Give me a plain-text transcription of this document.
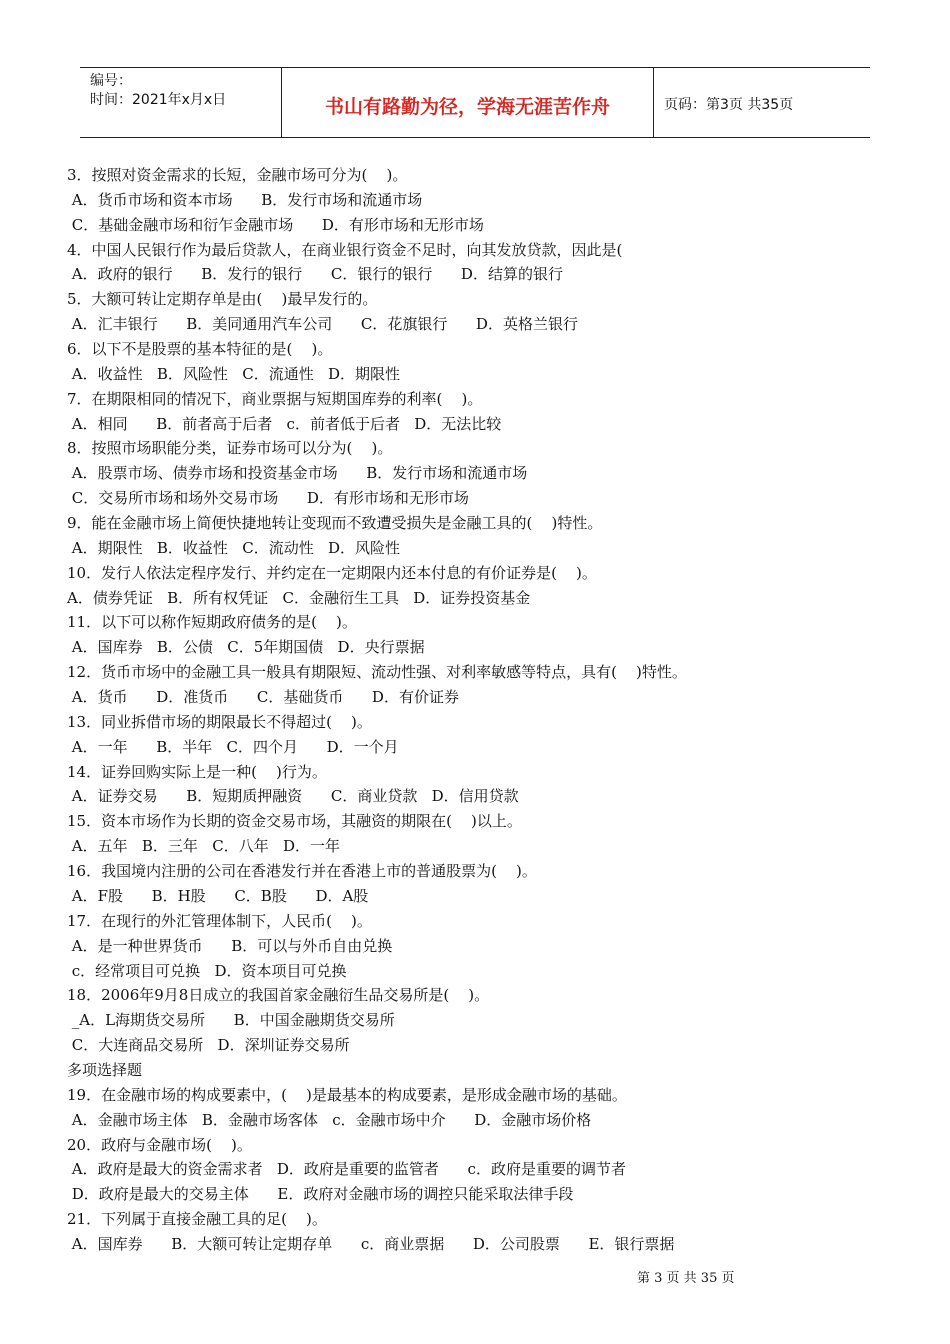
编号：
时间：2021年x月x日	书山有路勤为径，学海无涯苦作舟	页码：第3页 共35页
3．按照对资金需求的长短，金融市场可分为(    )。
A．货币市场和资本市场      B．发行市场和流通市场
C．基础金融市场和衍乍金融市场      D．有形市场和无形市场
4．中国人民银行作为最后贷款人，在商业银行资金不足时，向其发放贷款，因此是(
A．政府的银行      B．发行的银行      C．银行的银行      D．结算的银行
5．大额可转让定期存单是由(    )最早发行的。
A．汇丰银行      B．美同通用汽车公司      C．花旗银行      D．英格兰银行
6．以下不是股票的基本特征的是(    )。
A．收益性   B．风险性   C．流通性   D．期限性
7．在期限相同的情况下，商业票据与短期国库券的利率(    )。
A．相同      B．前者高于后者   c．前者低于后者   D．无法比较
8．按照市场职能分类，证券市场可以分为(    )。
A．股票市场、债券市场和投资基金市场      B．发行市场和流通市场
C．交易所市场和场外交易市场      D．有形市场和无形市场
9．能在金融市场上简便快捷地转让变现而不致遭受损失是金融工具的(    )特性。
A．期限性   B．收益性   C．流动性   D．风险性
10．发行人依法定程序发行、并约定在一定期限内还本付息的有价证券是(    )。
A．债券凭证   B．所有权凭证   C．金融衍生工具   D．证券投资基金
11．以下可以称作短期政府债务的是(    )。
A．国库券   B．公债   C．5年期国债   D．央行票据
12．货币市场中的金融工具一般具有期限短、流动性强、对利率敏感等特点，具有(    )特性。
A．货币      D．准货币      C．基础货币      D．有价证券
13．同业拆借市场的期限最长不得超过(    )。
A．一年      B．半年   C．四个月      D．一个月
14．证券回购实际上是一种(    )行为。
A．证券交易      B．短期质押融资      C．商业贷款   D．信用贷款
15．资本市场作为长期的资金交易市场，其融资的期限在(    )以上。
A．五年   B．三年   C．八年   D．一年
16．我国境内注册的公司在香港发行并在香港上市的普通股票为(    )。
A．F股      B．H股      C．B股      D．A股
17．在现行的外汇管理体制下，人民币(    )。
A．是一种世界货币      B．可以与外币自由兑换
c．经常项目可兑换   D．资本项目可兑换
18．2006年9月8日成立的我国首家金融衍生品交易所是(    )。
_A．L海期货交易所      B．中国金融期货交易所
C．大连商品交易所   D．深圳证券交易所
多项选择题
19．在金融市场的构成要素中，(    )是最基本的构成要素，是形成金融市场的基础。
A．金融市场主体   B．金融市场客体   c．金融市场中介      D．金融市场价格
20．政府与金融市场(    )。
A．政府是最大的资金需求者   D．政府是重要的监管者      c．政府是重要的调节者
D．政府是最大的交易主体      E．政府对金融市场的调控只能采取法律手段
21．下列属于直接金融工具的足(    )。
A．国库券      B．大额可转让定期存单      c．商业票据      D．公司股票      E．银行票据
第 3 页 共 35 页
